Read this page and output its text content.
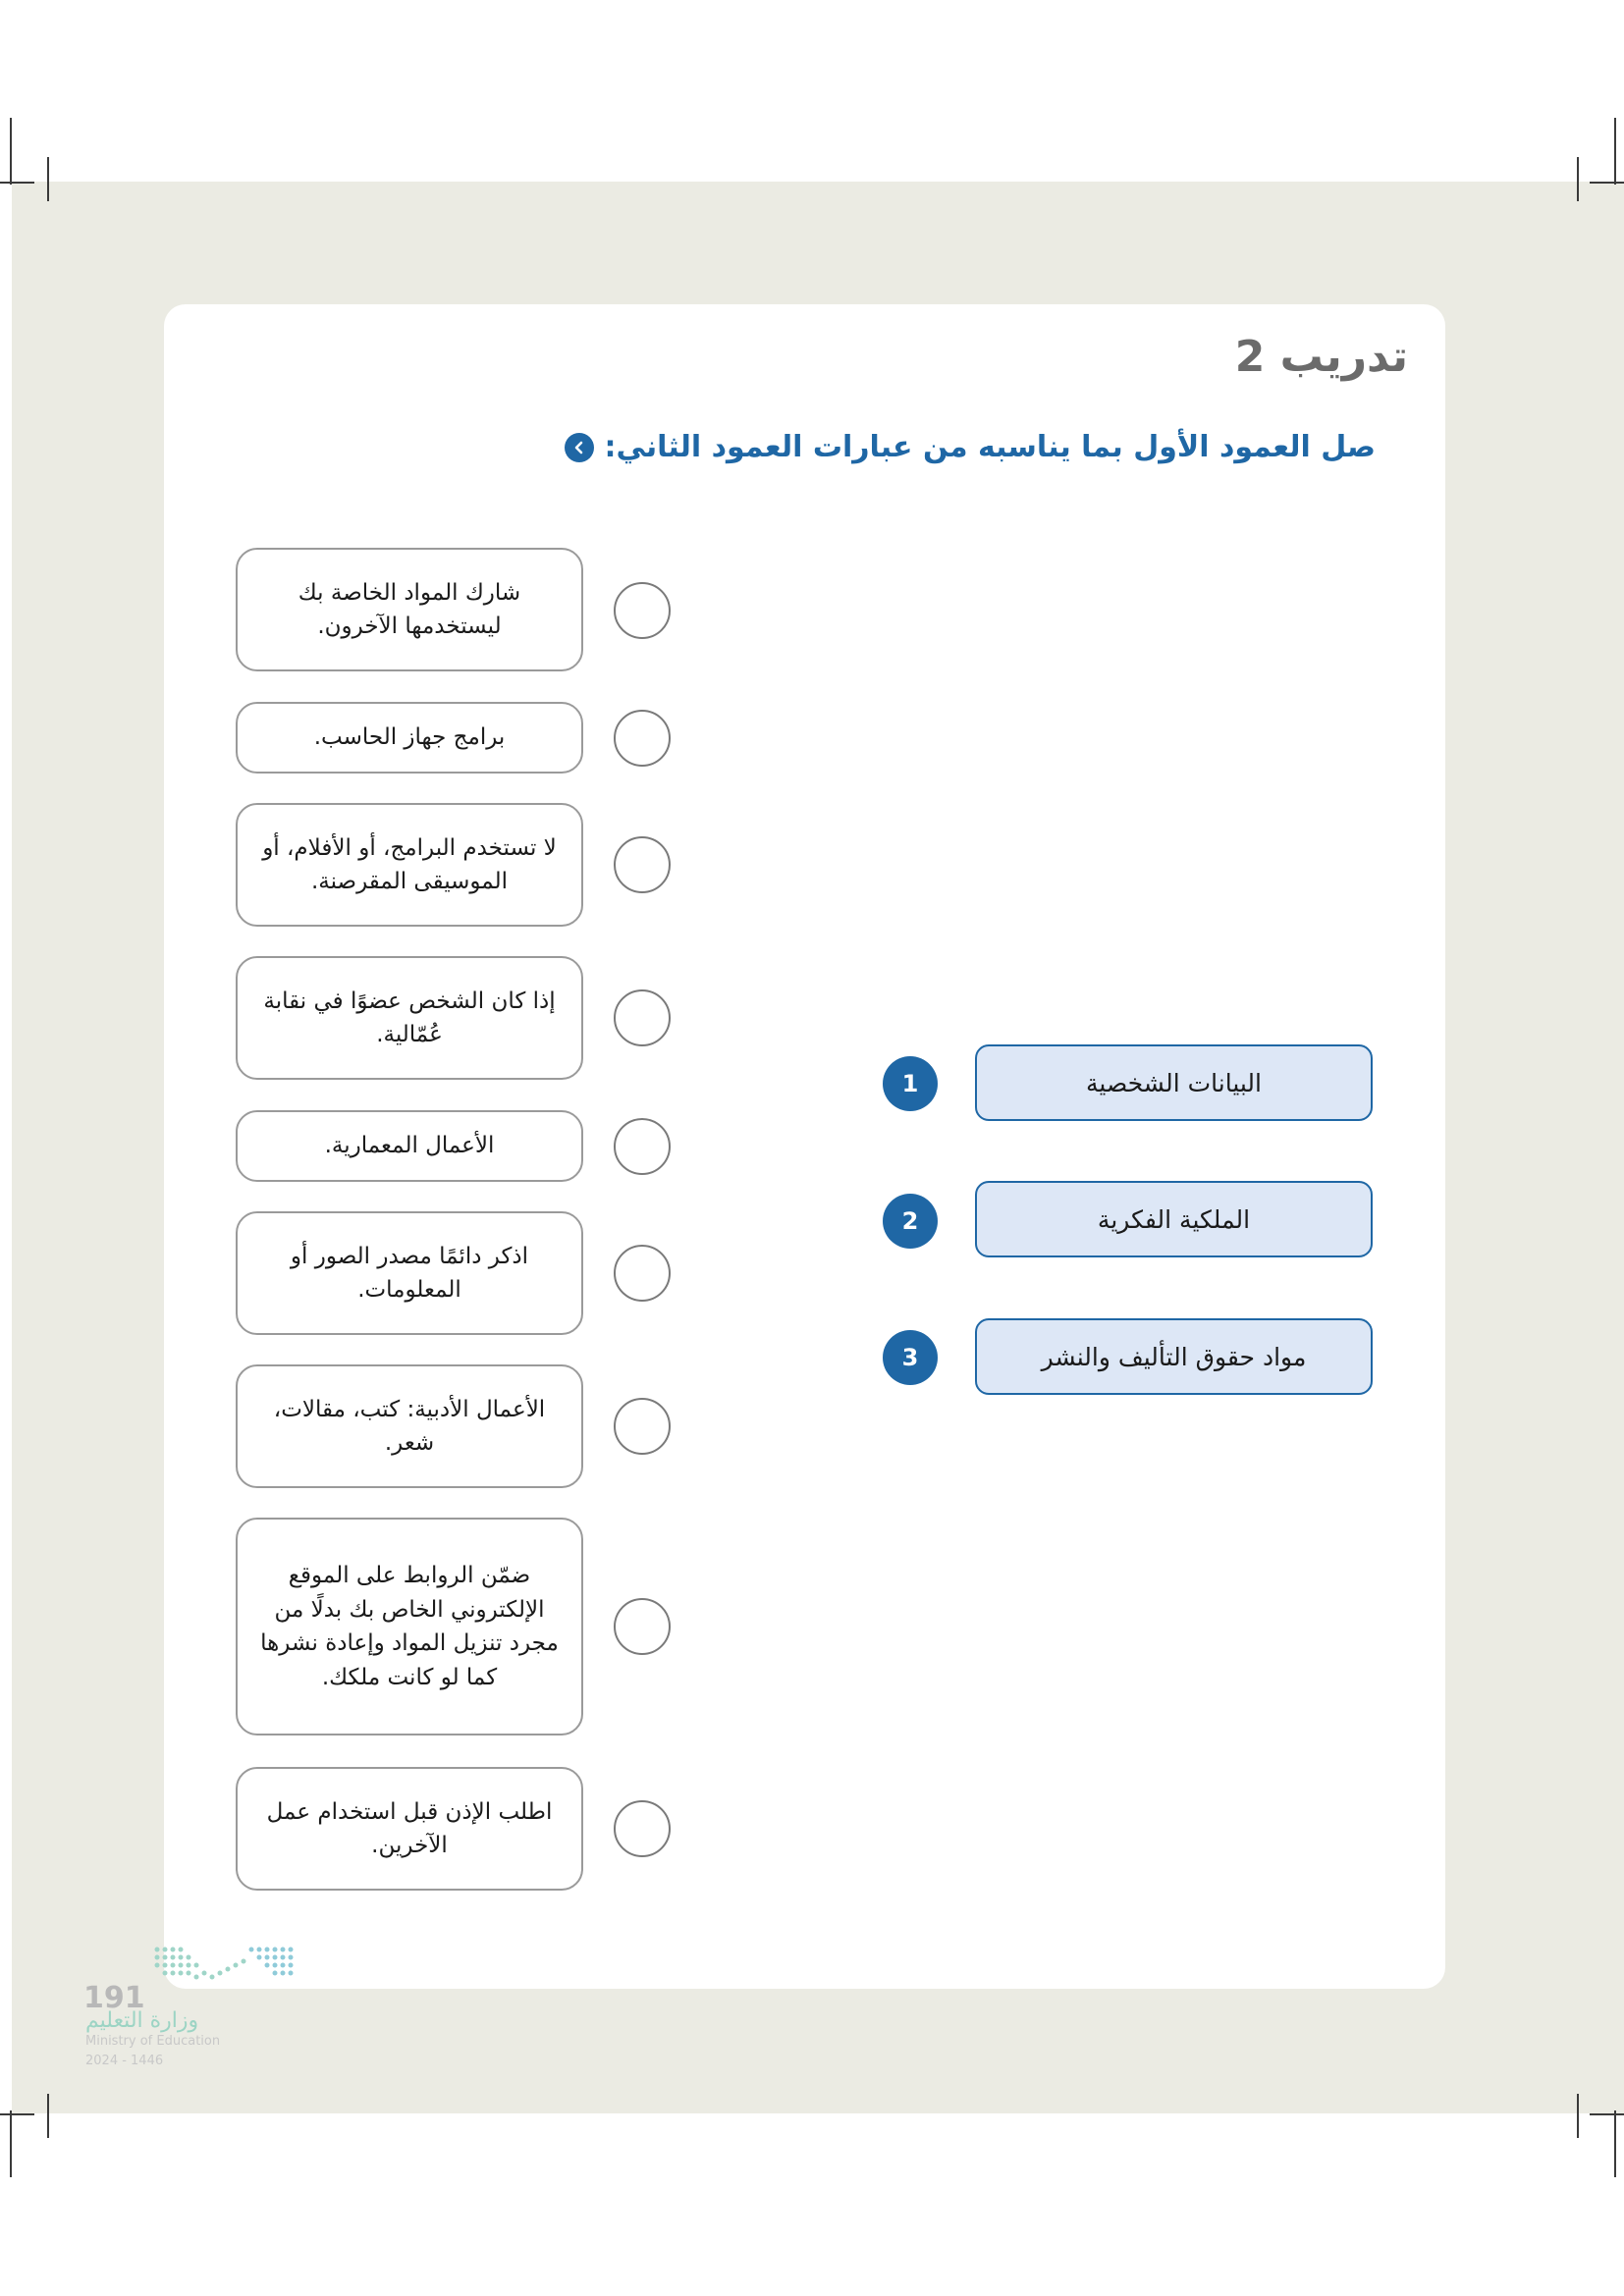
تدريب 2
صل العمود الأول بما يناسبه من عبارات العمود الثاني:
شارك المواد الخاصة بك ليستخدمها الآخرون.
برامج جهاز الحاسب.
لا تستخدم البرامج، أو الأفلام، أو الموسيقى المقرصنة.
إذا كان الشخص عضوًا في نقابة عُمّالية.
الأعمال المعمارية.
اذكر دائمًا مصدر الصور أو المعلومات.
الأعمال الأدبية: كتب، مقالات، شعر.
ضمّن الروابط على الموقع الإلكتروني الخاص بك بدلًا من مجرد تنزيل المواد وإعادة نشرها كما لو كانت ملكك.
اطلب الإذن قبل استخدام عمل الآخرين.
1	البيانات الشخصية
2	الملكية الفكرية
3	مواد حقوق التأليف والنشر
191
وزارة التعليم
Ministry of Education
2024 - 1446
